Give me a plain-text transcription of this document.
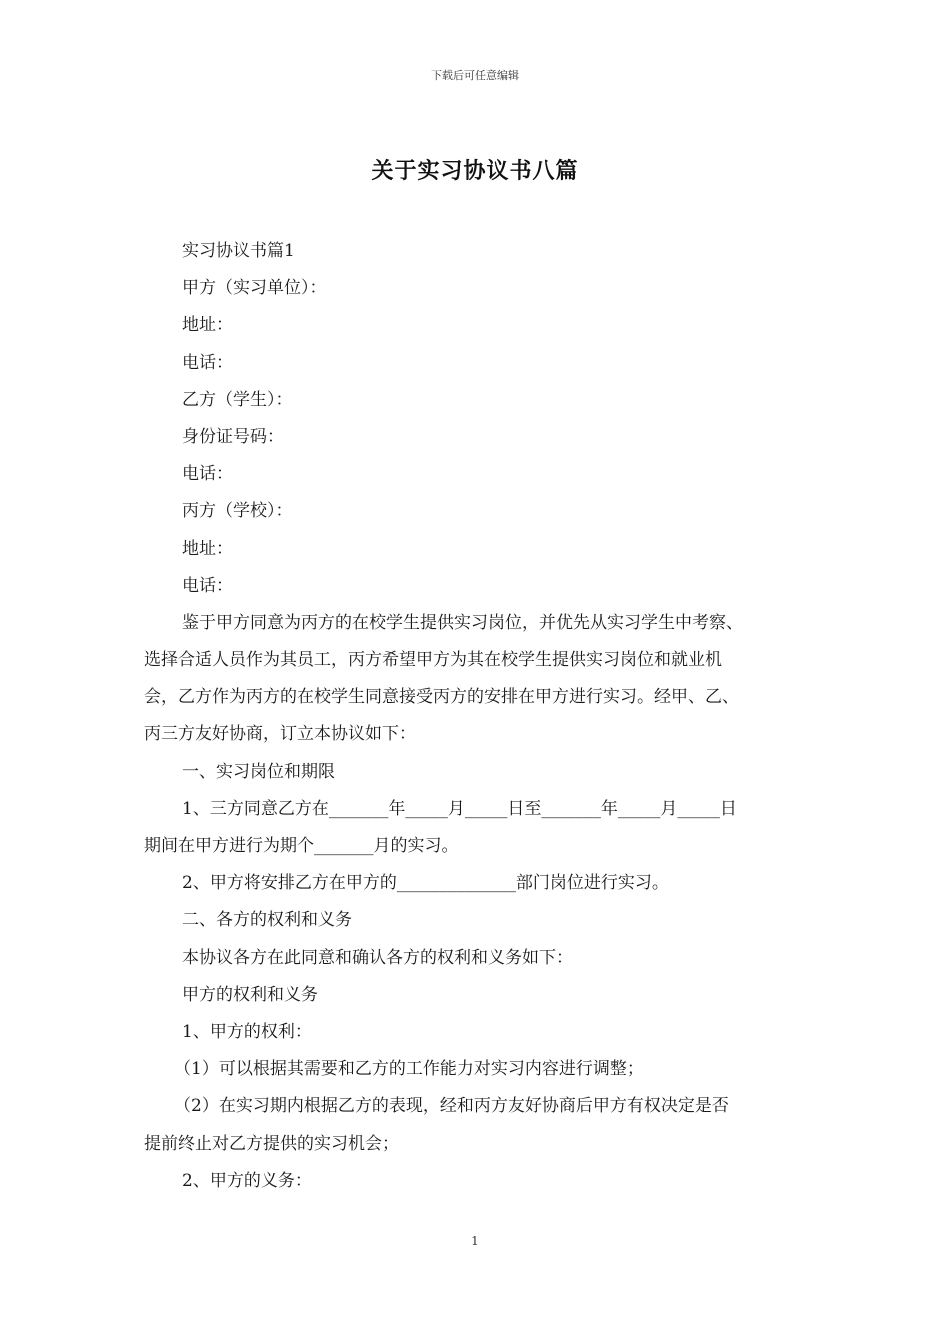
下载后可任意编辑
关于实习协议书八篇
实习协议书篇1
甲方（实习单位）：
地址：
电话：
乙方（学生）：
身份证号码：
电话：
丙方（学校）：
地址：
电话：
鉴于甲方同意为丙方的在校学生提供实习岗位，并优先从实习学生中考察、
选择合适人员作为其员工，丙方希望甲方为其在校学生提供实习岗位和就业机
会，乙方作为丙方的在校学生同意接受丙方的安排在甲方进行实习。经甲、乙、
丙三方友好协商，订立本协议如下：
一、实习岗位和期限
1、三方同意乙方在_______年_____月_____日至_______年_____月_____日
期间在甲方进行为期个_______月的实习。
2、甲方将安排乙方在甲方的______________部门岗位进行实习。
二、各方的权利和义务
本协议各方在此同意和确认各方的权利和义务如下：
甲方的权利和义务
1、甲方的权利：
（1）可以根据其需要和乙方的工作能力对实习内容进行调整；
（2）在实习期内根据乙方的表现，经和丙方友好协商后甲方有权决定是否
提前终止对乙方提供的实习机会；
2、甲方的义务：
1
